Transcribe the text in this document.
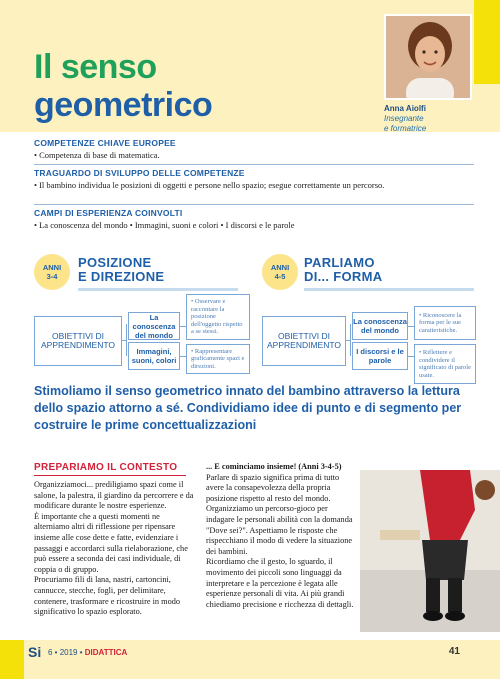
Il senso
geometrico	Anna Aiolfi
Insegnante
e formatrice
COMPETENZE CHIAVE EUROPEE
• Competenza di base di matematica.
TRAGUARDO DI SVILUPPO DELLE COMPETENZE
• Il bambino individua le posizioni di oggetti e persone nello spazio; esegue correttamente un percorso.
CAMPI DI ESPERIENZA COINVOLTI
• La conoscenza del mondo • Immagini, suoni e colori • I discorsi e le parole
ANNI
3-4
POSIZIONE
E DIREZIONE
OBIETTIVI DI APPRENDIMENTO
La conoscenza del mondo
Immagini, suoni, colori
• Osservare e raccontare la posizione dell'oggetto rispetto a se stessi.
• Rappresentare graficamente spazi e direzioni.
ANNI
4-5
PARLIAMO
DI... FORMA
OBIETTIVI DI APPRENDIMENTO
La conoscenza del mondo
I discorsi e le parole
• Riconoscere la forma per le sue caratteristiche.
• Riflettere e condividere il significato di parole usate.
Stimoliamo il senso geometrico innato del bambino attraverso la lettura dello spazio attorno a sé. Condividiamo idee di punto e di segmento per costruire le prime concettualizzazioni
PREPARIAMO IL CONTESTO

Organizziamoci... prediligiamo spazi come il salone, la palestra, il giardino da percorrere e da modificare durante le nostre esperienze.

È importante che a questi momenti ne alterniamo altri di riflessione per ripensare insieme alle cose dette e fatte, evidenziare i passaggi e accordarci sulla rielaborazione, che può essere a seconda dei casi individuale, di coppia o di gruppo.

Procuriamo fili di lana, nastri, cartoncini, cannucce, stecche, fogli, per delimitare, contenere, trasformare e ricostruire in modo significativo lo spazio esplorato.

... E cominciamo insieme! (Anni 3-4-5)

Parlare di spazio significa prima di tutto avere la consapevolezza della propria posizione rispetto al resto del mondo.

Organizziamo un percorso-gioco per indagare le personali abilità con la domanda "Dove sei?". Aspettiamo le risposte che rispecchiano il modo di vedere la situazione dei bambini.

Ricordiamo che il gesto, lo sguardo, il movimento dei piccoli sono linguaggi da interpretare e la percezione è legata alle esperienze personali di vita. Ai più grandi chiediamo precisione e ricchezza di dettagli.

Si 6 • 2019 • DIDATTICA	41
